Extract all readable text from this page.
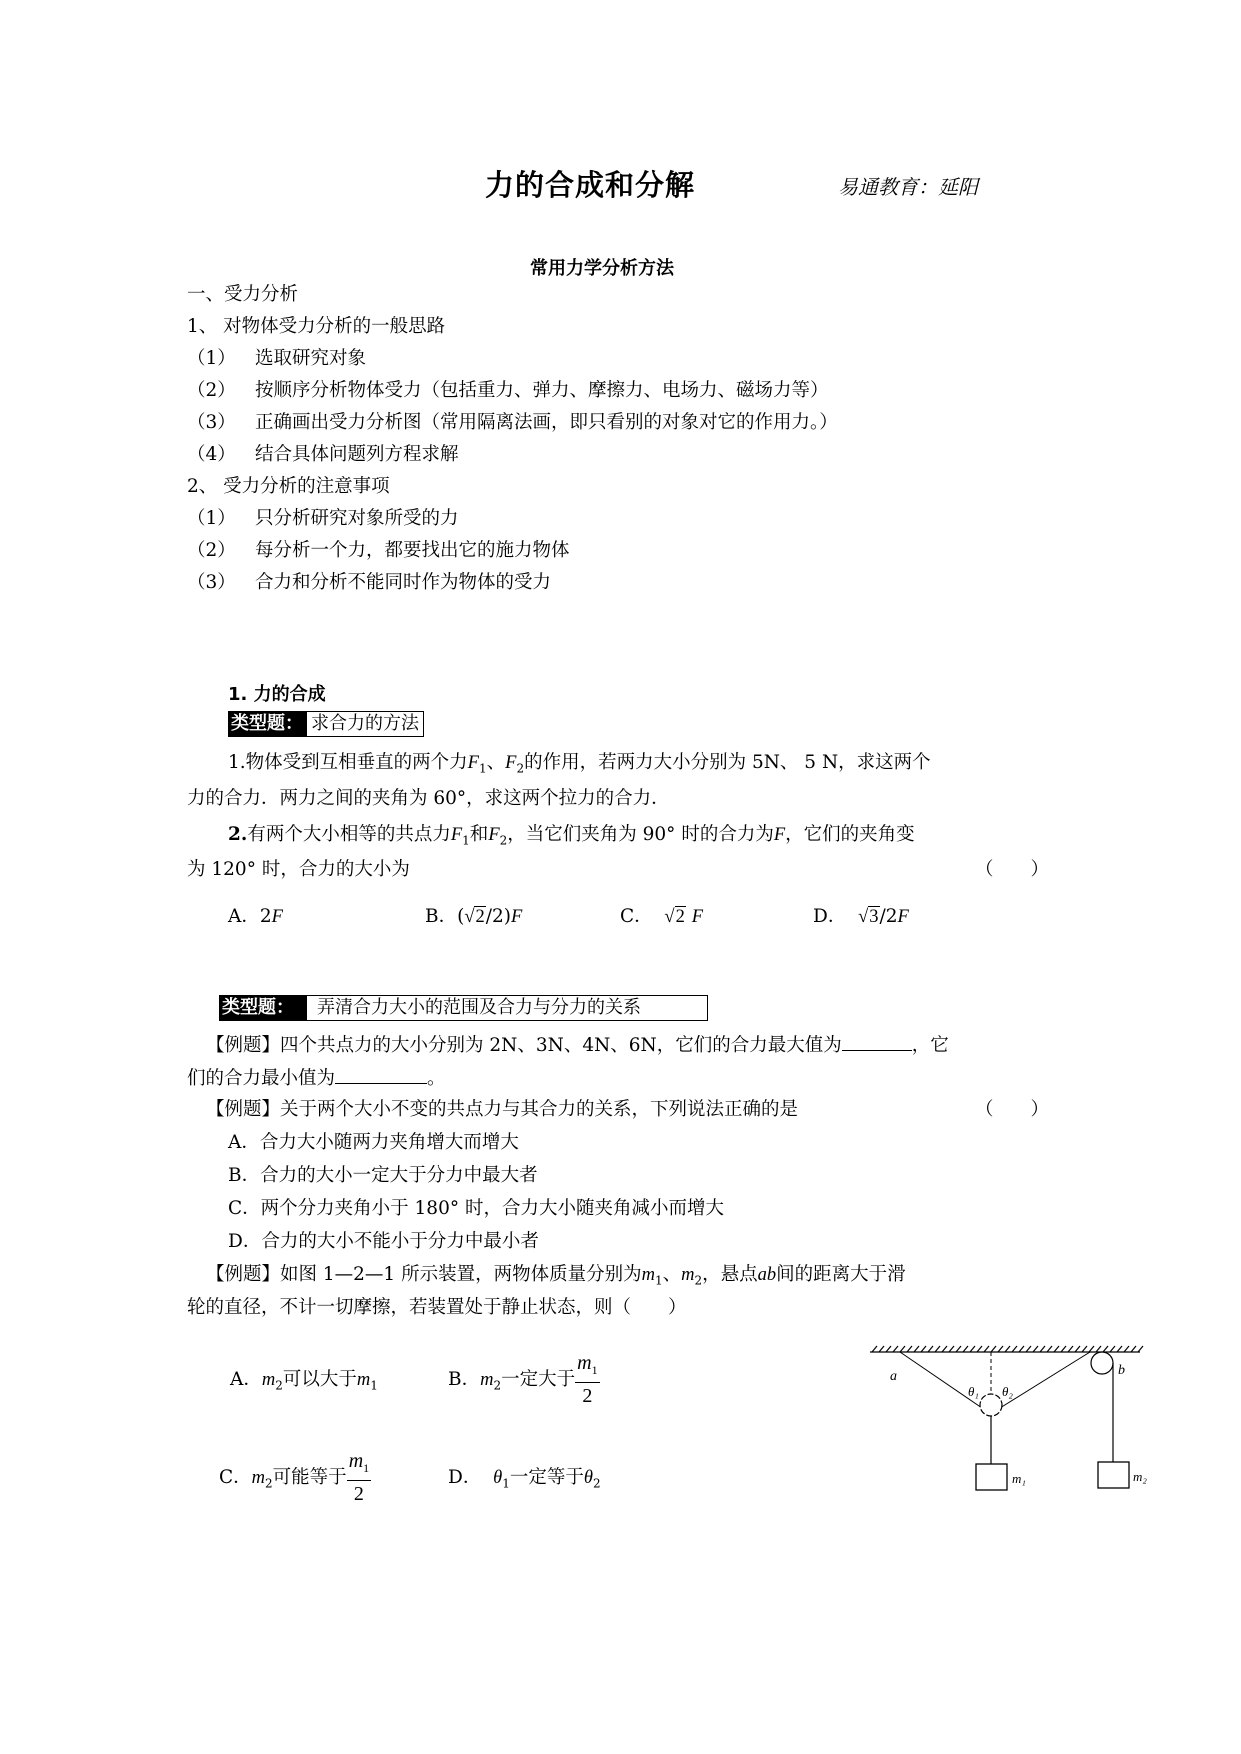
力的合成和分解	易通教育：延阳
常用力学分析方法
一、受力分析
1、 对物体受力分析的一般思路
（1） 选取研究对象
（2） 按顺序分析物体受力（包括重力、弹力、摩擦力、电场力、磁场力等）
（3） 正确画出受力分析图（常用隔离法画，即只看别的对象对它的作用力。）
（4） 结合具体问题列方程求解
2、 受力分析的注意事项
（1） 只分析研究对象所受的力
（2） 每分析一个力，都要找出它的施力物体
（3） 合力和分析不能同时作为物体的受力
1. 力的合成
类型题： 求合力的方法
1.物体受到互相垂直的两个力$F_1$、$F_2$的作用，若两力大小分别为 5N、 5 N，求这两个
力的合力．两力之间的夹角为 60°，求这两个拉力的合力．
2.有两个大小相等的共点力$F_1$和$F_2$，当它们夹角为 90° 时的合力为F，它们的夹角变
为 120° 时，合力的大小为	（　　）
A．2F	B．(√2/2)F	C． √2 F	D． √3/2F
类型题：	弄清合力大小的范围及合力与分力的关系
【例题】四个共点力的大小分别为 2N、3N、4N、6N，它们的合力最大值为	，它
们的合力最小值为	。
【例题】关于两个大小不变的共点力与其合力的关系，下列说法正确的是	（　　）
A．合力大小随两力夹角增大而增大
B．合力的大小一定大于分力中最大者
C．两个分力夹角小于 180° 时，合力大小随夹角减小而增大
D．合力的大小不能小于分力中最小者
【例题】如图 1—2—1 所示装置，两物体质量分别为$m_1$、$m_2$，悬点ab间的距离大于滑
轮的直径，不计一切摩擦，若装置处于静止状态，则（　　）
A．$m_2$可以大于$m_1$	B．$m_2$一定大于 $\frac{m_1}{2}$
C．$m_2$可能等于 $\frac{m_1}{2}$	D． $\theta_1$一定等于$\theta_2$
a	b
θ₁ θ₂
m₁	m₂
